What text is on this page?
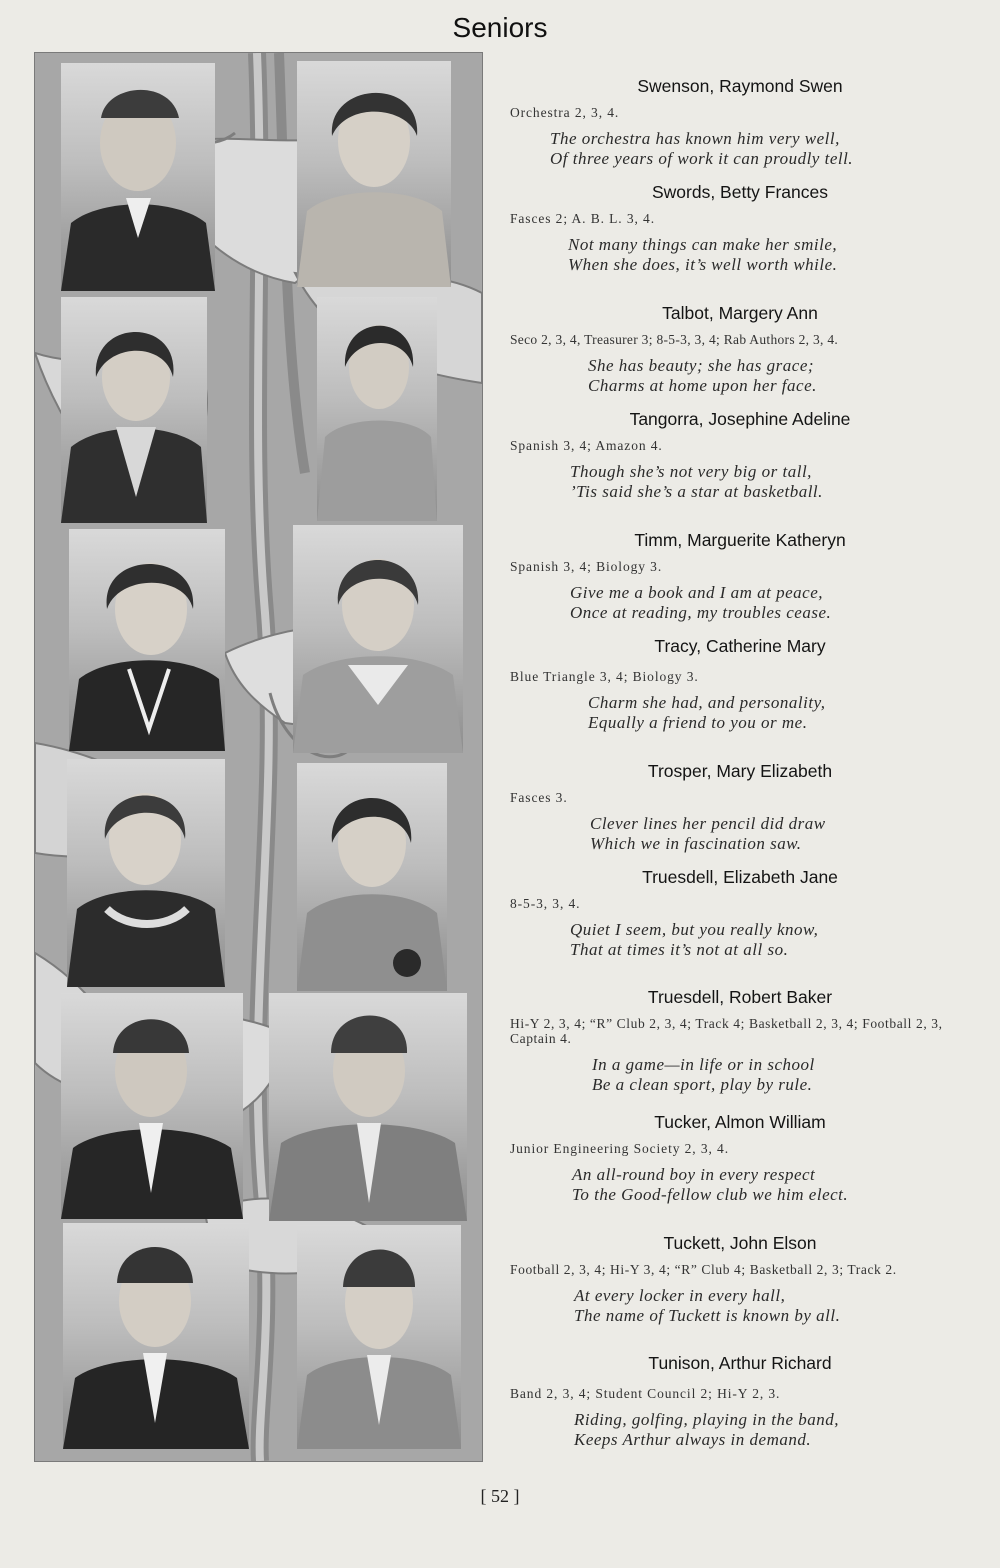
Seniors
Swenson, Raymond Swen
Orchestra 2, 3, 4.
The orchestra has known him very well,
Of three years of work it can proudly tell.
Swords, Betty Frances
Fasces 2; A. B. L. 3, 4.
Not many things can make her smile,
When she does, it’s well worth while.
Talbot, Margery Ann
Seco 2, 3, 4, Treasurer 3; 8-5-3, 3, 4; Rab Authors 2, 3, 4.
She has beauty; she has grace;
Charms at home upon her face.
Tangorra, Josephine Adeline
Spanish 3, 4; Amazon 4.
Though she’s not very big or tall,
’Tis said she’s a star at basketball.
Timm, Marguerite Katheryn
Spanish 3, 4; Biology 3.
Give me a book and I am at peace,
Once at reading, my troubles cease.
Tracy, Catherine Mary
Blue Triangle 3, 4; Biology 3.
Charm she had, and personality,
Equally a friend to you or me.
Trosper, Mary Elizabeth
Fasces 3.
Clever lines her pencil did draw
Which we in fascination saw.
Truesdell, Elizabeth Jane
8-5-3, 3, 4.
Quiet I seem, but you really know,
That at times it’s not at all so.
Truesdell, Robert Baker
Hi-Y 2, 3, 4; “R” Club 2, 3, 4; Track 4; Basketball 2, 3, 4; Football 2, 3, Captain 4.
In a game—in life or in school
Be a clean sport, play by rule.
Tucker, Almon William
Junior Engineering Society 2, 3, 4.
An all-round boy in every respect
To the Good-fellow club we him elect.
Tuckett, John Elson
Football 2, 3, 4; Hi-Y 3, 4; “R” Club 4; Basketball 2, 3; Track 2.
At every locker in every hall,
The name of Tuckett is known by all.
Tunison, Arthur Richard
Band 2, 3, 4; Student Council 2; Hi-Y 2, 3.
Riding, golfing, playing in the band,
Keeps Arthur always in demand.
[ 52 ]
